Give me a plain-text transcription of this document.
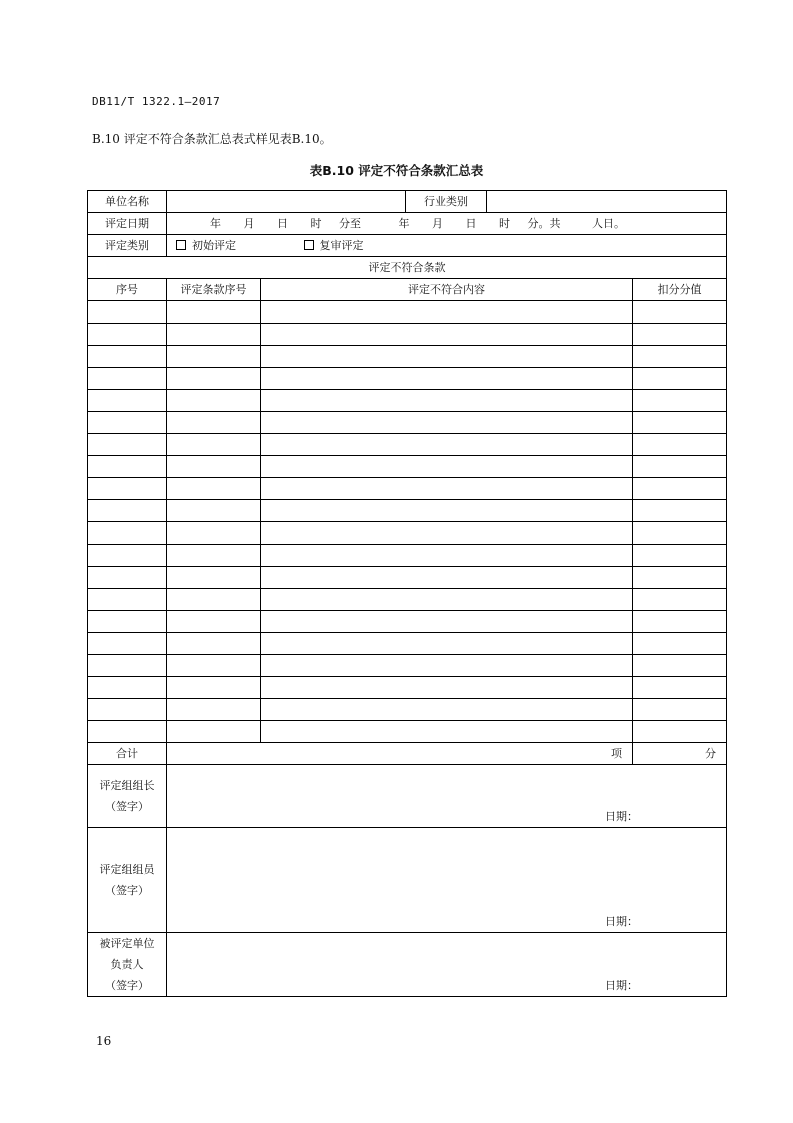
DB11/T 1322.1—2017
B.10 评定不符合条款汇总表式样见表B.10。
表B.10 评定不符合条款汇总表
单位名称			行业类别		
评定日期	年 月 日 时 分至 年 月 日 时 分。共 人日。				
评定类别	初始评定 复审评定				
评定不符合条款					
序号	评定条款序号	评定不符合内容			扣分分值

合计	项				分

评定组组长
（签字）	日期：				

评定组组员
（签字）	日期：				

被评定单位
负责人
（签字）	日期：				
16
